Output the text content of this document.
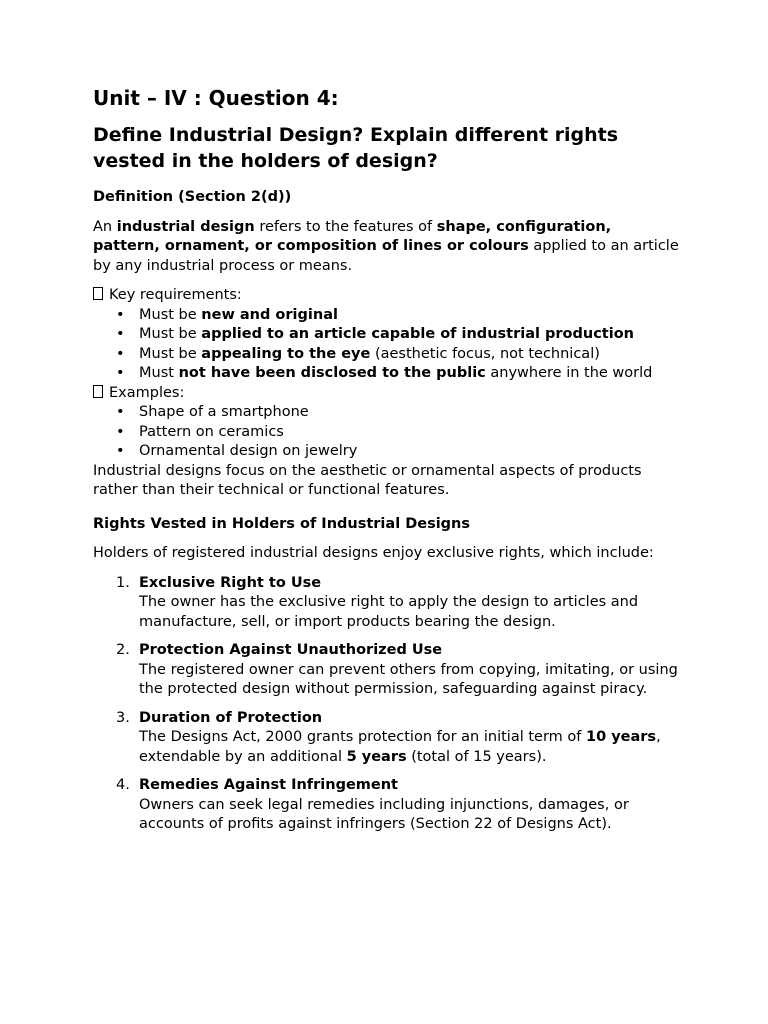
Unit – IV : Question 4:
Define Industrial Design? Explain different rights vested in the holders of design?
Definition (Section 2(d))

An industrial design refers to the features of shape, configuration, pattern, ornament, or composition of lines or colours applied to an article by any industrial process or means.

Key requirements:
• Must be new and original
• Must be applied to an article capable of industrial production
• Must be appealing to the eye (aesthetic focus, not technical)
• Must not have been disclosed to the public anywhere in the world
Examples:
• Shape of a smartphone
• Pattern on ceramics
• Ornamental design on jewelry

Industrial designs focus on the aesthetic or ornamental aspects of products rather than their technical or functional features.

Rights Vested in Holders of Industrial Designs

Holders of registered industrial designs enjoy exclusive rights, which include:

1. Exclusive Right to Use
The owner has the exclusive right to apply the design to articles and manufacture, sell, or import products bearing the design.
2. Protection Against Unauthorized Use
The registered owner can prevent others from copying, imitating, or using the protected design without permission, safeguarding against piracy.
3. Duration of Protection
The Designs Act, 2000 grants protection for an initial term of 10 years, extendable by an additional 5 years (total of 15 years).
4. Remedies Against Infringement
Owners can seek legal remedies including injunctions, damages, or accounts of profits against infringers (Section 22 of Designs Act).
